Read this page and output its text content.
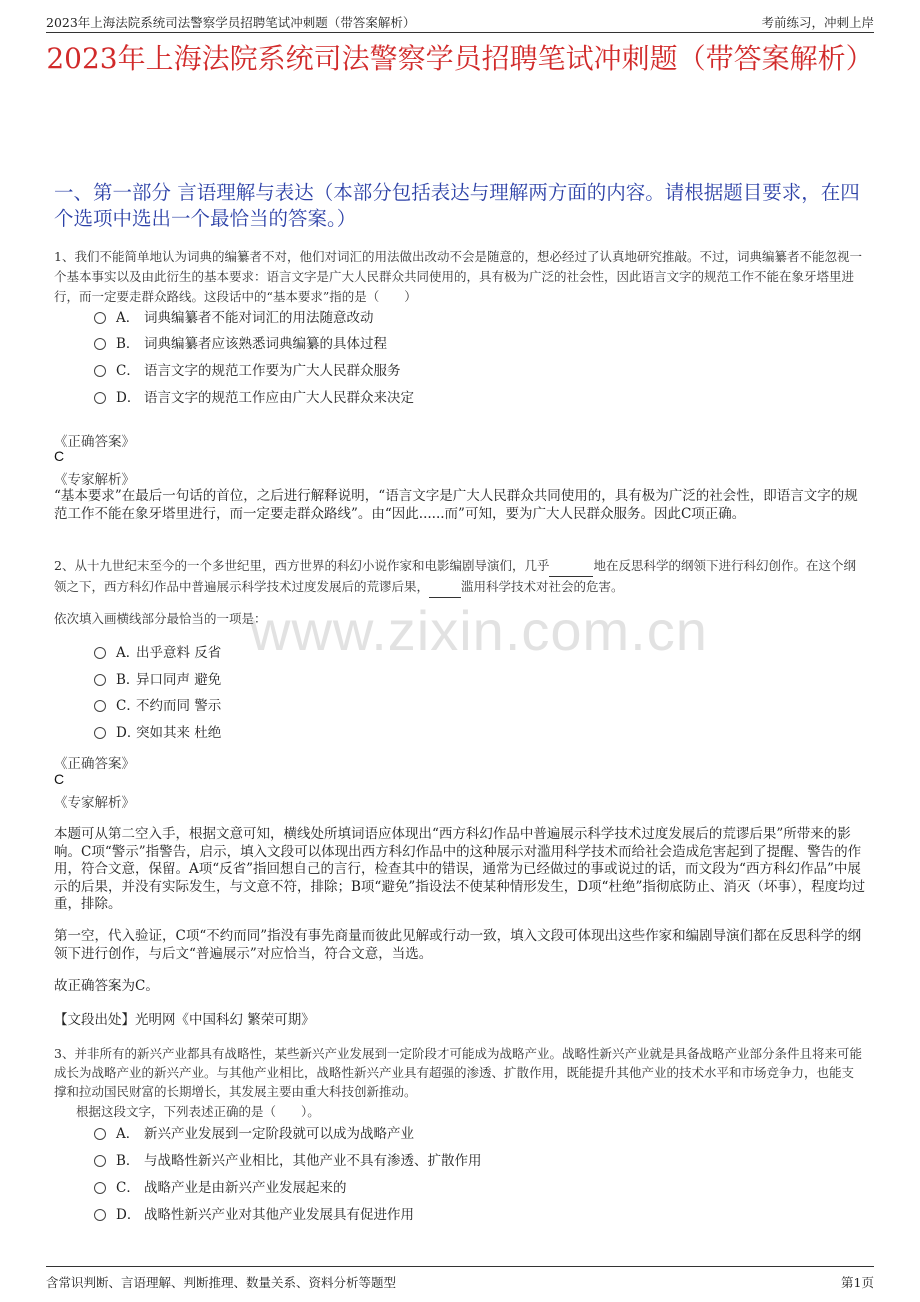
2023年上海法院系统司法警察学员招聘笔试冲刺题（带答案解析）	考前练习，冲刺上岸
2023年上海法院系统司法警察学员招聘笔试冲刺题（带答案解析）
一、第一部分 言语理解与表达（本部分包括表达与理解两方面的内容。请根据题目要求，在四个选项中选出一个最恰当的答案。）
1、我们不能简单地认为词典的编纂者不对，他们对词汇的用法做出改动不会是随意的，想必经过了认真地研究推敲。不过，词典编纂者不能忽视一个基本事实以及由此衍生的基本要求：语言文字是广大人民群众共同使用的，具有极为广泛的社会性，因此语言文字的规范工作不能在象牙塔里进行，而一定要走群众路线。这段话中的“基本要求”指的是（　　）
A． 词典编纂者不能对词汇的用法随意改动
B． 词典编纂者应该熟悉词典编纂的具体过程
C． 语言文字的规范工作要为广大人民群众服务
D． 语言文字的规范工作应由广大人民群众来决定
《正确答案》
C
《专家解析》
“基本要求”在最后一句话的首位，之后进行解释说明，“语言文字是广大人民群众共同使用的，具有极为广泛的社会性，即语言文字的规范工作不能在象牙塔里进行，而一定要走群众路线”。由“因此......而”可知，要为广大人民群众服务。因此C项正确。
2、从十九世纪末至今的一个多世纪里，西方世界的科幻小说作家和电影编剧导演们，几乎	地在反思科学的纲领下进行科幻创作。在这个纲领之下，西方科幻作品中普遍展示科学技术过度发展后的荒谬后果，	滥用科学技术对社会的危害。
www.zixin.com.cn
依次填入画横线部分最恰当的一项是：
A．出乎意料 反省
B．异口同声 避免
C．不约而同 警示
D．突如其来 杜绝
《正确答案》
C
《专家解析》
本题可从第二空入手，根据文意可知，横线处所填词语应体现出“西方科幻作品中普遍展示科学技术过度发展后的荒谬后果”所带来的影响。C项“警示”指警告，启示，填入文段可以体现出西方科幻作品中的这种展示对滥用科学技术而给社会造成危害起到了提醒、警告的作用，符合文意，保留。A项“反省”指回想自己的言行，检查其中的错误，通常为已经做过的事或说过的话，而文段为“西方科幻作品”中展示的后果，并没有实际发生，与文意不符，排除；B项“避免”指设法不使某种情形发生，D项“杜绝”指彻底防止、消灭（坏事），程度均过重，排除。
第一空，代入验证，C项“不约而同”指没有事先商量而彼此见解或行动一致，填入文段可体现出这些作家和编剧导演们都在反思科学的纲领下进行创作，与后文“普遍展示”对应恰当，符合文意，当选。
故正确答案为C。
【文段出处】光明网《中国科幻 繁荣可期》
3、并非所有的新兴产业都具有战略性，某些新兴产业发展到一定阶段才可能成为战略产业。战略性新兴产业就是具备战略产业部分条件且将来可能成长为战略产业的新兴产业。与其他产业相比，战略性新兴产业具有超强的渗透、扩散作用，既能提升其他产业的技术水平和市场竞争力，也能支撑和拉动国民财富的长期增长，其发展主要由重大科技创新推动。
根据这段文字，下列表述正确的是（　　）。
A． 新兴产业发展到一定阶段就可以成为战略产业
B． 与战略性新兴产业相比，其他产业不具有渗透、扩散作用
C． 战略产业是由新兴产业发展起来的
D． 战略性新兴产业对其他产业发展具有促进作用
含常识判断、言语理解、判断推理、数量关系、资料分析等题型	第1页
